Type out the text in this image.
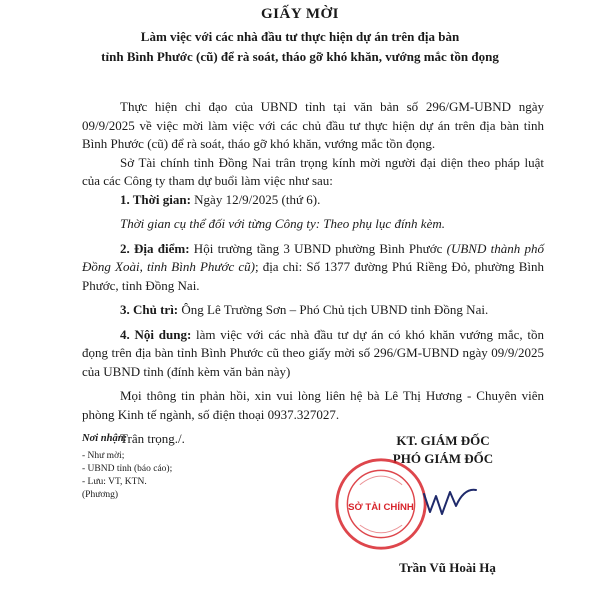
GIẤY MỜI
Làm việc với các nhà đầu tư thực hiện dự án trên địa bàn
tỉnh Bình Phước (cũ) để rà soát, tháo gỡ khó khăn, vướng mắc tồn đọng

Thực hiện chỉ đạo của UBND tỉnh tại văn bản số 296/GM-UBND ngày 09/9/2025 về việc mời làm việc với các chủ đầu tư thực hiện dự án trên địa bàn tỉnh Bình Phước (cũ) để rà soát, tháo gỡ khó khăn, vướng mắc tồn đọng.

Sở Tài chính tỉnh Đồng Nai trân trọng kính mời người đại diện theo pháp luật của các Công ty tham dự buổi làm việc như sau:

1. Thời gian: Ngày 12/9/2025 (thứ 6).

Thời gian cụ thể đối với từng Công ty: Theo phụ lục đính kèm.

2. Địa điểm: Hội trường tầng 3 UBND phường Bình Phước (UBND thành phố Đồng Xoài, tỉnh Bình Phước cũ); địa chỉ: Số 1377 đường Phú Riềng Đỏ, phường Bình Phước, tỉnh Đồng Nai.

3. Chủ trì: Ông Lê Trường Sơn – Phó Chủ tịch UBND tỉnh Đồng Nai.

4. Nội dung: làm việc với các nhà đầu tư dự án có khó khăn vướng mắc, tồn đọng trên địa bàn tỉnh Bình Phước cũ theo giấy mời số 296/GM-UBND ngày 09/9/2025 của UBND tỉnh (đính kèm văn bản này)

Mọi thông tin phản hồi, xin vui lòng liên hệ bà Lê Thị Hương - Chuyên viên phòng Kinh tế ngành, số điện thoại 0937.327027.

Trân trọng./.

Nơi nhận:
- Như mời;
- UBND tỉnh (báo cáo);
- Lưu: VT, KTN.
(Phương)
KT. GIÁM ĐỐC
PHÓ GIÁM ĐỐC
SỞ TÀI CHÍNH
Trần Vũ Hoài Hạ
